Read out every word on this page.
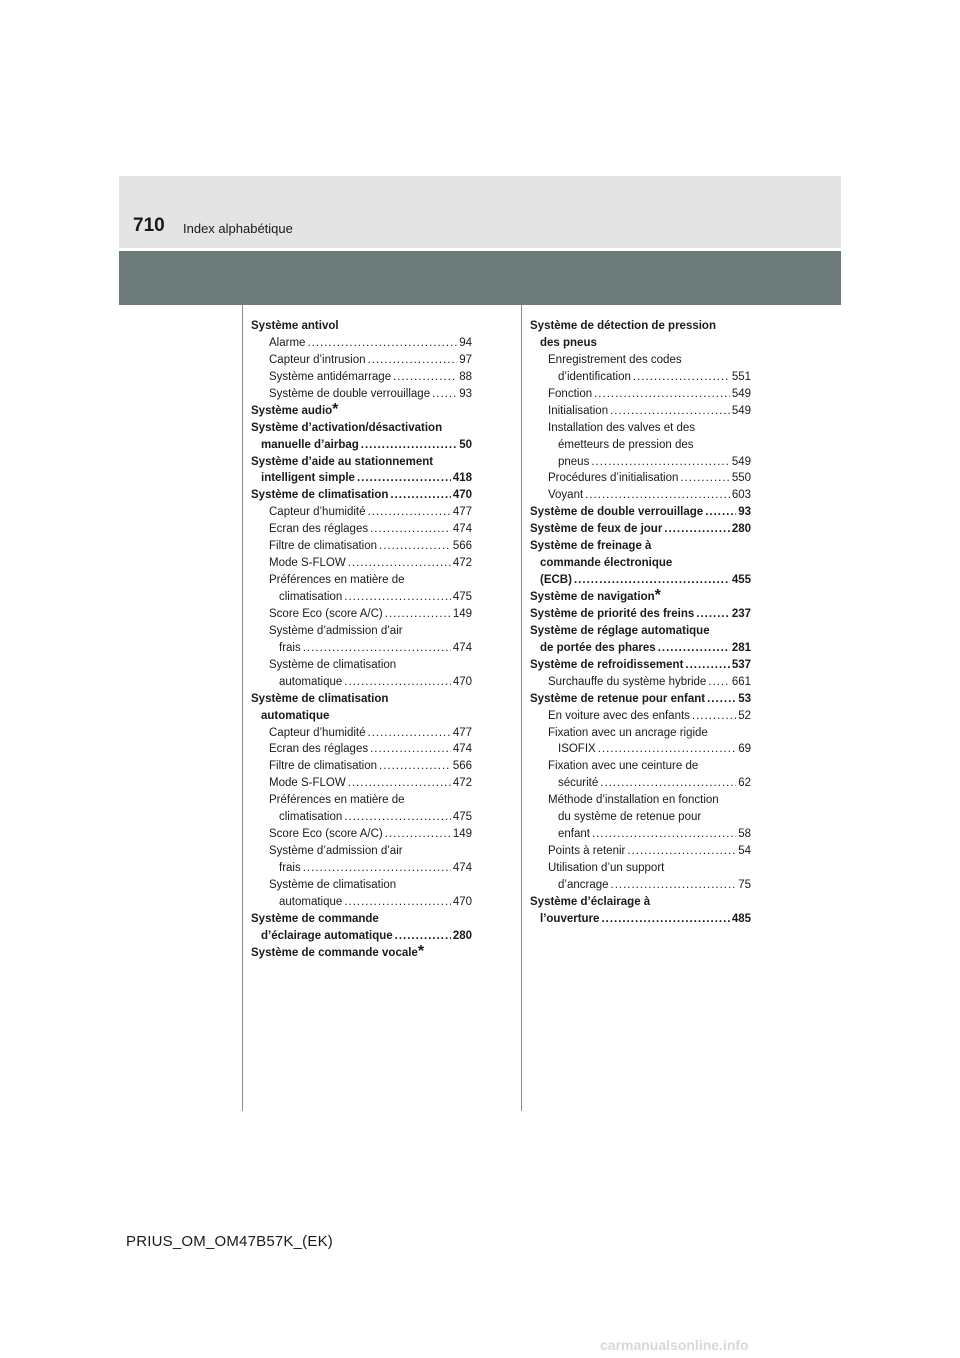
710 Index alphabétique
Système antivol
Alarme .....	94
Capteur d’intrusion .....	97
Système antidémarrage .....	88
Système de double verrouillage .....	93
Système audio *
Système d’activation/désactivation
manuelle d’airbag .....	50
Système d’aide au stationnement
intelligent simple .....	418
Système de climatisation .....	470
Capteur d’humidité .....	477
Ecran des réglages .....	474
Filtre de climatisation .....	566
Mode S-FLOW .....	472
Préférences en matière de
climatisation .....	475
Score Eco (score A/C) .....	149
Système d’admission d’air
frais .....	474
Système de climatisation
automatique .....	470
Système de climatisation
automatique
Capteur d’humidité .....	477
Ecran des réglages .....	474
Filtre de climatisation .....	566
Mode S-FLOW .....	472
Préférences en matière de
climatisation .....	475
Score Eco (score A/C) .....	149
Système d’admission d’air
frais .....	474
Système de climatisation
automatique .....	470
Système de commande
d’éclairage automatique .....	280
Système de commande vocale *
Système de détection de pression
des pneus
Enregistrement des codes
d’identification .....	551
Fonction .....	549
Initialisation .....	549
Installation des valves et des
émetteurs de pression des
pneus .....	549
Procédures d’initialisation .....	550
Voyant .....	603
Système de double verrouillage .....	93
Système de feux de jour .....	280
Système de freinage à
commande électronique
(ECB) .....	455
Système de navigation *
Système de priorité des freins .....	237
Système de réglage automatique
de portée des phares .....	281
Système de refroidissement .....	537
Surchauffe du système hybride ..... 661
Système de retenue pour enfant .....	53
En voiture avec des enfants .....	52
Fixation avec un ancrage rigide
ISOFIX .....	69
Fixation avec une ceinture de
sécurité .....	62
Méthode d’installation en fonction
du système de retenue pour
enfant .....	58
Points à retenir .....	54
Utilisation d’un support
d’ancrage .....	75
Système d’éclairage à
l’ouverture .....	485
PRIUS_OM_OM47B57K_(EK)
carmanualsonline.info
